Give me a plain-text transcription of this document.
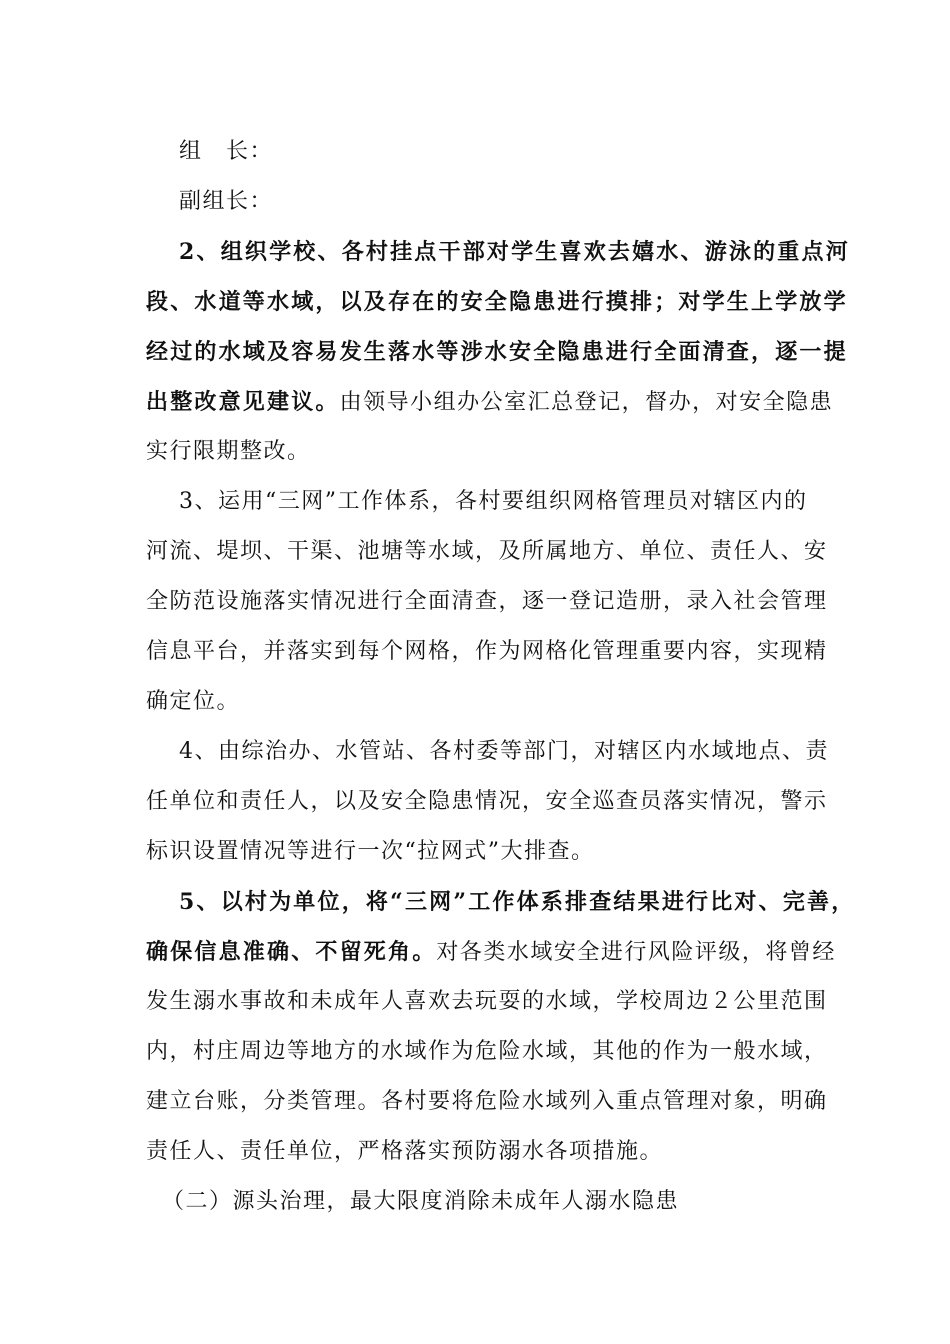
组　长：
副组长：
2、组织学校、各村挂点干部对学生喜欢去嬉水、游泳的重点河
段、水道等水域，以及存在的安全隐患进行摸排；对学生上学放学
经过的水域及容易发生落水等涉水安全隐患进行全面清查，逐一提
出整改意见建议。由领导小组办公室汇总登记，督办，对安全隐患
实行限期整改。
3、运用“三网”工作体系，各村要组织网格管理员对辖区内的
河流、堤坝、干渠、池塘等水域，及所属地方、单位、责任人、安
全防范设施落实情况进行全面清查，逐一登记造册，录入社会管理
信息平台，并落实到每个网格，作为网格化管理重要内容，实现精
确定位。
4、由综治办、水管站、各村委等部门，对辖区内水域地点、责
任单位和责任人，以及安全隐患情况，安全巡查员落实情况，警示
标识设置情况等进行一次“拉网式”大排查。
5、以村为单位，将“三网”工作体系排查结果进行比对、完善，
确保信息准确、不留死角。对各类水域安全进行风险评级，将曾经
发生溺水事故和未成年人喜欢去玩耍的水域，学校周边２公里范围
内，村庄周边等地方的水域作为危险水域，其他的作为一般水域，
建立台账，分类管理。各村要将危险水域列入重点管理对象，明确
责任人、责任单位，严格落实预防溺水各项措施。
（二）源头治理，最大限度消除未成年人溺水隐患
